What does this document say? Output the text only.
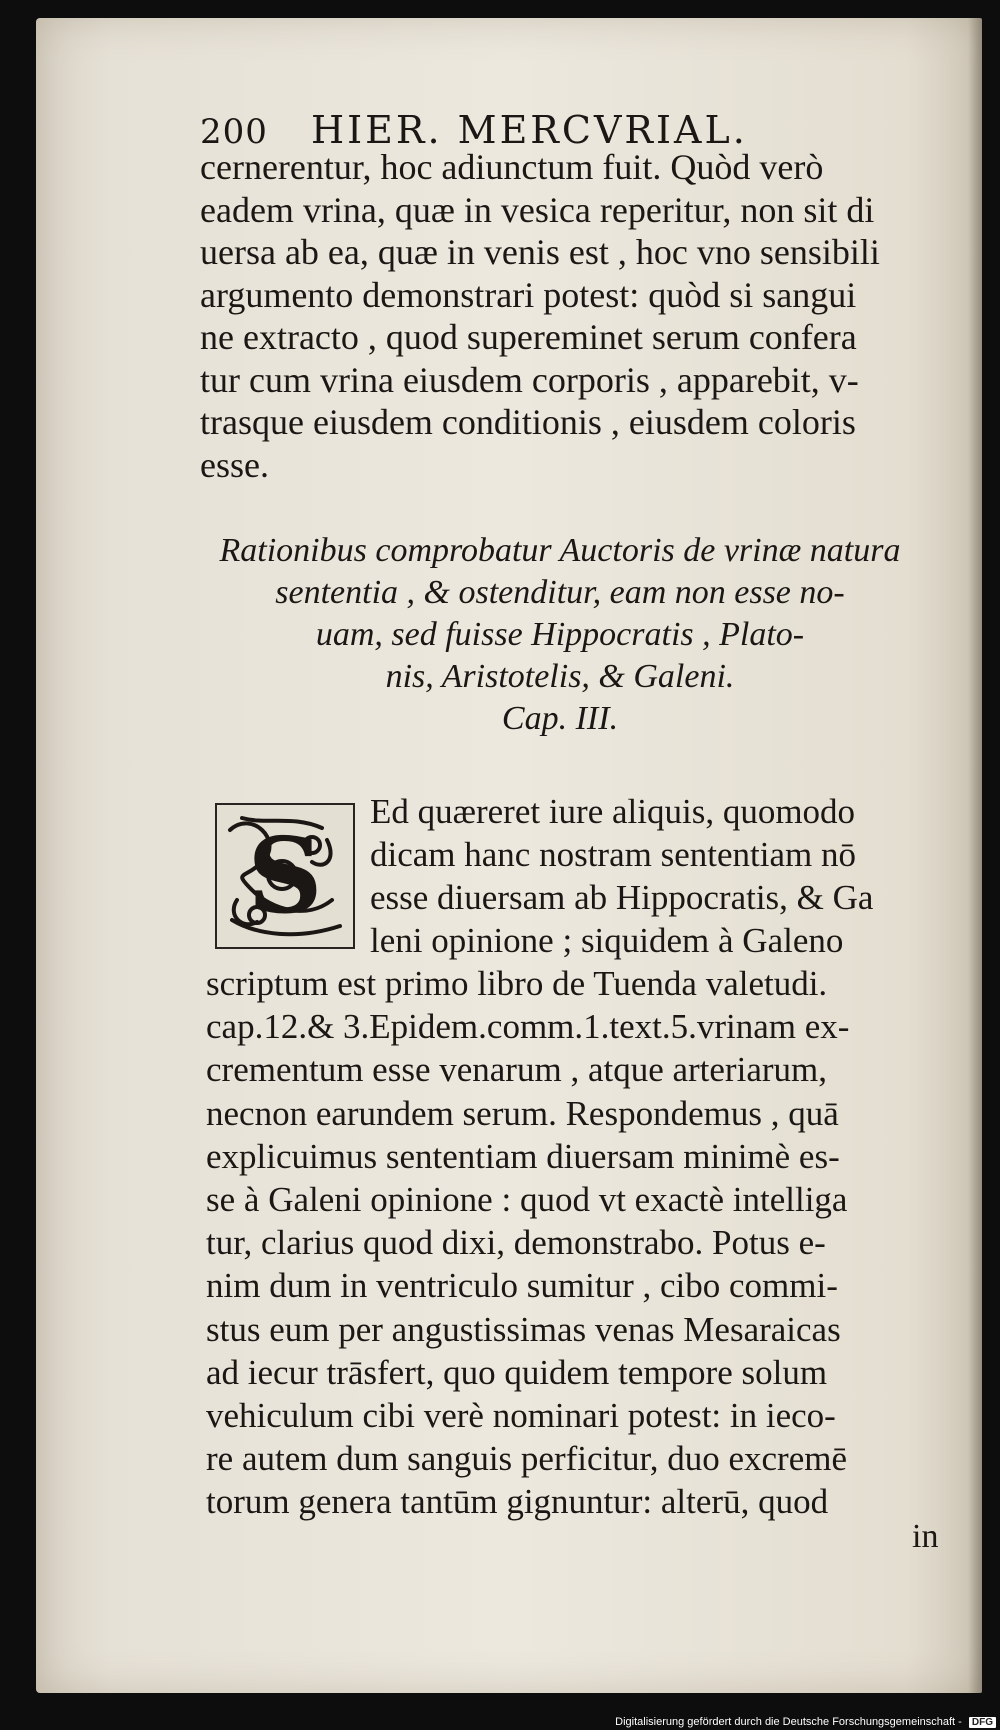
200 HIER. MERCVRIAL.
cernerentur, hoc adiunctum fuit. Quòd verò
eadem vrina, quæ in vesica reperitur, non sit di
uersa ab ea, quæ in venis est , hoc vno sensibili
argumento demonstrari potest: quòd si sangui
ne extracto , quod supereminet serum confera
tur cum vrina eiusdem corporis , apparebit, v-
trasque eiusdem conditionis , eiusdem coloris
esse.
Rationibus comprobatur Auctoris de vrinæ natura
sententia , & ostenditur, eam non esse no-
uam, sed fuisse Hippocratis , Plato-
nis, Aristotelis, & Galeni.
Cap. III.
S
Ed quæreret iure aliquis, quomodo
dicam hanc nostram sententiam nō
esse diuersam ab Hippocratis, & Ga
leni opinione ; siquidem à Galeno
scriptum est primo libro de Tuenda valetudi.
cap.12.& 3.Epidem.comm.1.text.5.vrinam ex-
crementum esse venarum , atque arteriarum,
necnon earundem serum. Respondemus , quā
explicuimus sententiam diuersam minimè es-
se à Galeni opinione : quod vt exactè intelliga
tur, clarius quod dixi, demonstrabo. Potus e-
nim dum in ventriculo sumitur , cibo commi-
stus eum per angustissimas venas Mesaraicas
ad iecur trāsfert, quo quidem tempore solum
vehiculum cibi verè nominari potest: in ieco-
re autem dum sanguis perficitur, duo excremē
torum genera tantūm gignuntur: alterū, quod
in
Digitalisierung gefördert durch die Deutsche Forschungsgemeinschaft - DFG
